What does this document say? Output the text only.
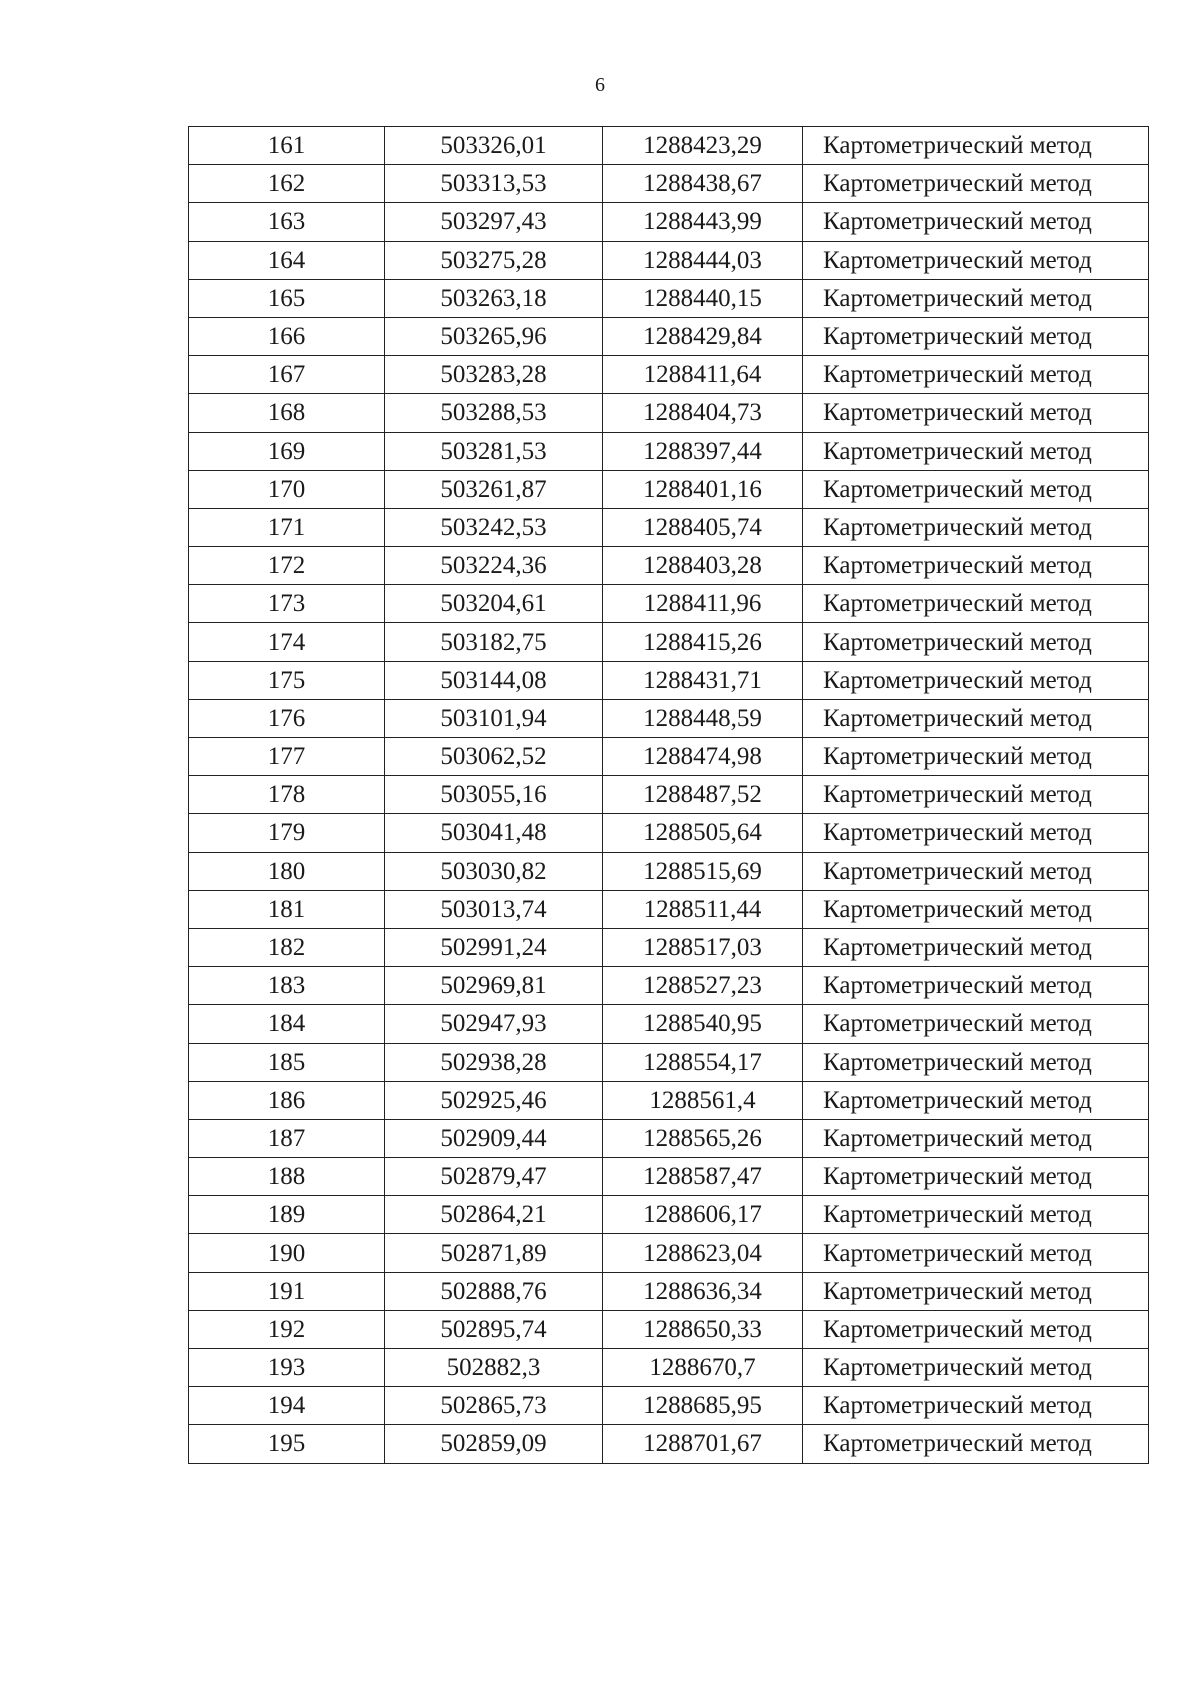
6
161	503326,01	1288423,29	Картометрический метод
162	503313,53	1288438,67	Картометрический метод
163	503297,43	1288443,99	Картометрический метод
164	503275,28	1288444,03	Картометрический метод
165	503263,18	1288440,15	Картометрический метод
166	503265,96	1288429,84	Картометрический метод
167	503283,28	1288411,64	Картометрический метод
168	503288,53	1288404,73	Картометрический метод
169	503281,53	1288397,44	Картометрический метод
170	503261,87	1288401,16	Картометрический метод
171	503242,53	1288405,74	Картометрический метод
172	503224,36	1288403,28	Картометрический метод
173	503204,61	1288411,96	Картометрический метод
174	503182,75	1288415,26	Картометрический метод
175	503144,08	1288431,71	Картометрический метод
176	503101,94	1288448,59	Картометрический метод
177	503062,52	1288474,98	Картометрический метод
178	503055,16	1288487,52	Картометрический метод
179	503041,48	1288505,64	Картометрический метод
180	503030,82	1288515,69	Картометрический метод
181	503013,74	1288511,44	Картометрический метод
182	502991,24	1288517,03	Картометрический метод
183	502969,81	1288527,23	Картометрический метод
184	502947,93	1288540,95	Картометрический метод
185	502938,28	1288554,17	Картометрический метод
186	502925,46	1288561,4	Картометрический метод
187	502909,44	1288565,26	Картометрический метод
188	502879,47	1288587,47	Картометрический метод
189	502864,21	1288606,17	Картометрический метод
190	502871,89	1288623,04	Картометрический метод
191	502888,76	1288636,34	Картометрический метод
192	502895,74	1288650,33	Картометрический метод
193	502882,3	1288670,7	Картометрический метод
194	502865,73	1288685,95	Картометрический метод
195	502859,09	1288701,67	Картометрический метод
